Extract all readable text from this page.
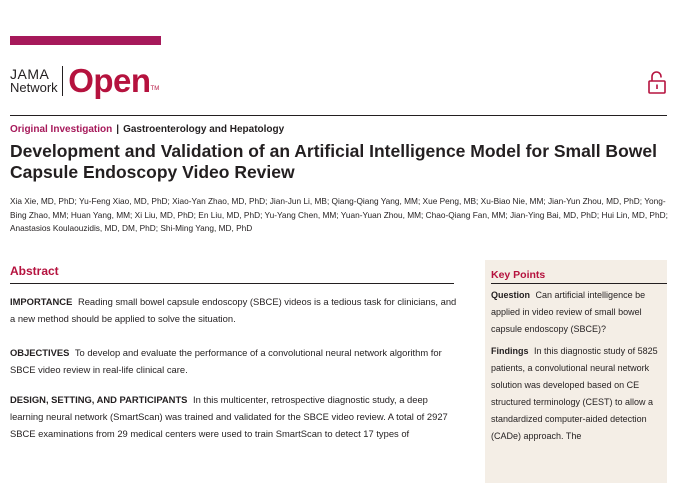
JAMA
Network Open TM
Original Investigation | Gastroenterology and Hepatology
Development and Validation of an Artificial Intelligence Model for Small Bowel Capsule Endoscopy Video Review
Xia Xie, MD, PhD; Yu-Feng Xiao, MD, PhD; Xiao-Yan Zhao, MD, PhD; Jian-Jun Li, MB; Qiang-Qiang Yang, MM; Xue Peng, MB; Xu-Biao Nie, MM; Jian-Yun Zhou, MD, PhD; Yong-Bing Zhao, MM; Huan Yang, MM; Xi Liu, MD, PhD; En Liu, MD, PhD; Yu-Yang Chen, MM; Yuan-Yuan Zhou, MM; Chao-Qiang Fan, MM; Jian-Ying Bai, MD, PhD; Hui Lin, MD, PhD; Anastasios Koulaouzidis, MD, DM, PhD; Shi-Ming Yang, MD, PhD
Abstract

IMPORTANCE Reading small bowel capsule endoscopy (SBCE) videos is a tedious task for clinicians, and a new method should be applied to solve the situation.

OBJECTIVES To develop and evaluate the performance of a convolutional neural network algorithm for SBCE video review in real-life clinical care.

DESIGN, SETTING, AND PARTICIPANTS In this multicenter, retrospective diagnostic study, a deep learning neural network (SmartScan) was trained and validated for the SBCE video review. A total of 2927 SBCE examinations from 29 medical centers were used to train SmartScan to detect 17 types of

Key Points

Question Can artificial intelligence be applied in video review of small bowel capsule endoscopy (SBCE)?

Findings In this diagnostic study of 5825 patients, a convolutional neural network solution was developed based on CE structured terminology (CEST) to allow a standardized computer-aided detection (CADe) approach. The
